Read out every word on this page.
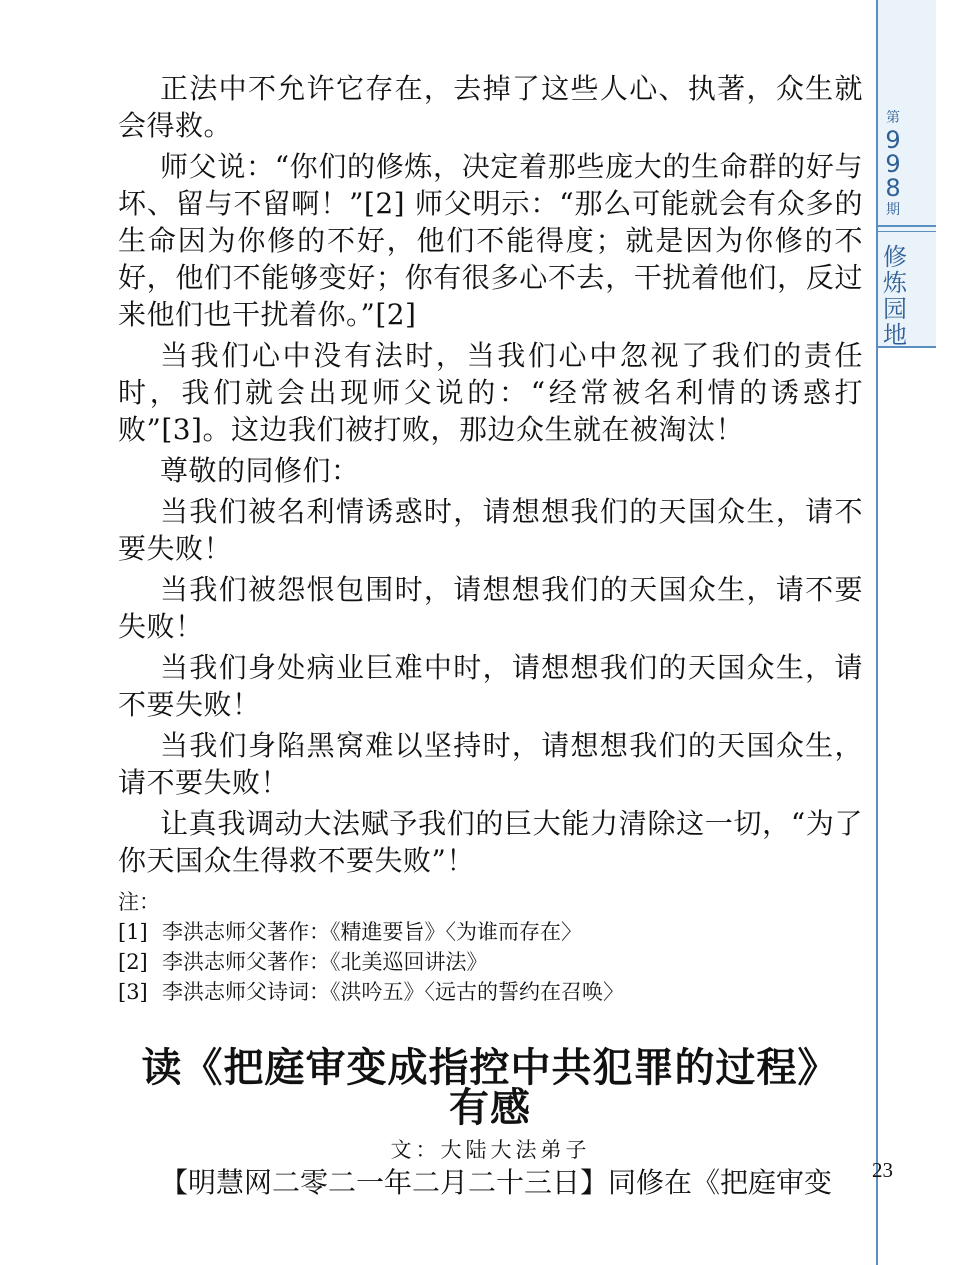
正法中不允许它存在，去掉了这些人心、执著，众生就会得救。

师父说：“你们的修炼，决定着那些庞大的生命群的好与坏、留与不留啊！”[2] 师父明示：“那么可能就会有众多的生命因为你修的不好，他们不能得度；就是因为你修的不好，他们不能够变好；你有很多心不去，干扰着他们，反过来他们也干扰着你。”[2]

当我们心中没有法时，当我们心中忽视了我们的责任时，我们就会出现师父说的：“经常被名利情的诱惑打败”[3]。这边我们被打败，那边众生就在被淘汰！

尊敬的同修们：

当我们被名利情诱惑时，请想想我们的天国众生，请不要失败！

当我们被怨恨包围时，请想想我们的天国众生，请不要失败！

当我们身处病业巨难中时，请想想我们的天国众生，请不要失败！

当我们身陷黑窝难以坚持时，请想想我们的天国众生，请不要失败！

让真我调动大法赋予我们的巨大能力清除这一切，“为了你天国众生得救不要失败”！

注：
[1] 李洪志师父著作：《精進要旨》〈为谁而存在〉
[2] 李洪志师父著作：《北美巡回讲法》
[3] 李洪志师父诗词：《洪吟五》〈远古的誓约在召唤〉
读《把庭审变成指控中共犯罪的过程》
有感
文：大陆大法弟子
【明慧网二零二一年二月二十三日】同修在《把庭审变
第
9
9
8
期
修
炼
园
地
23
